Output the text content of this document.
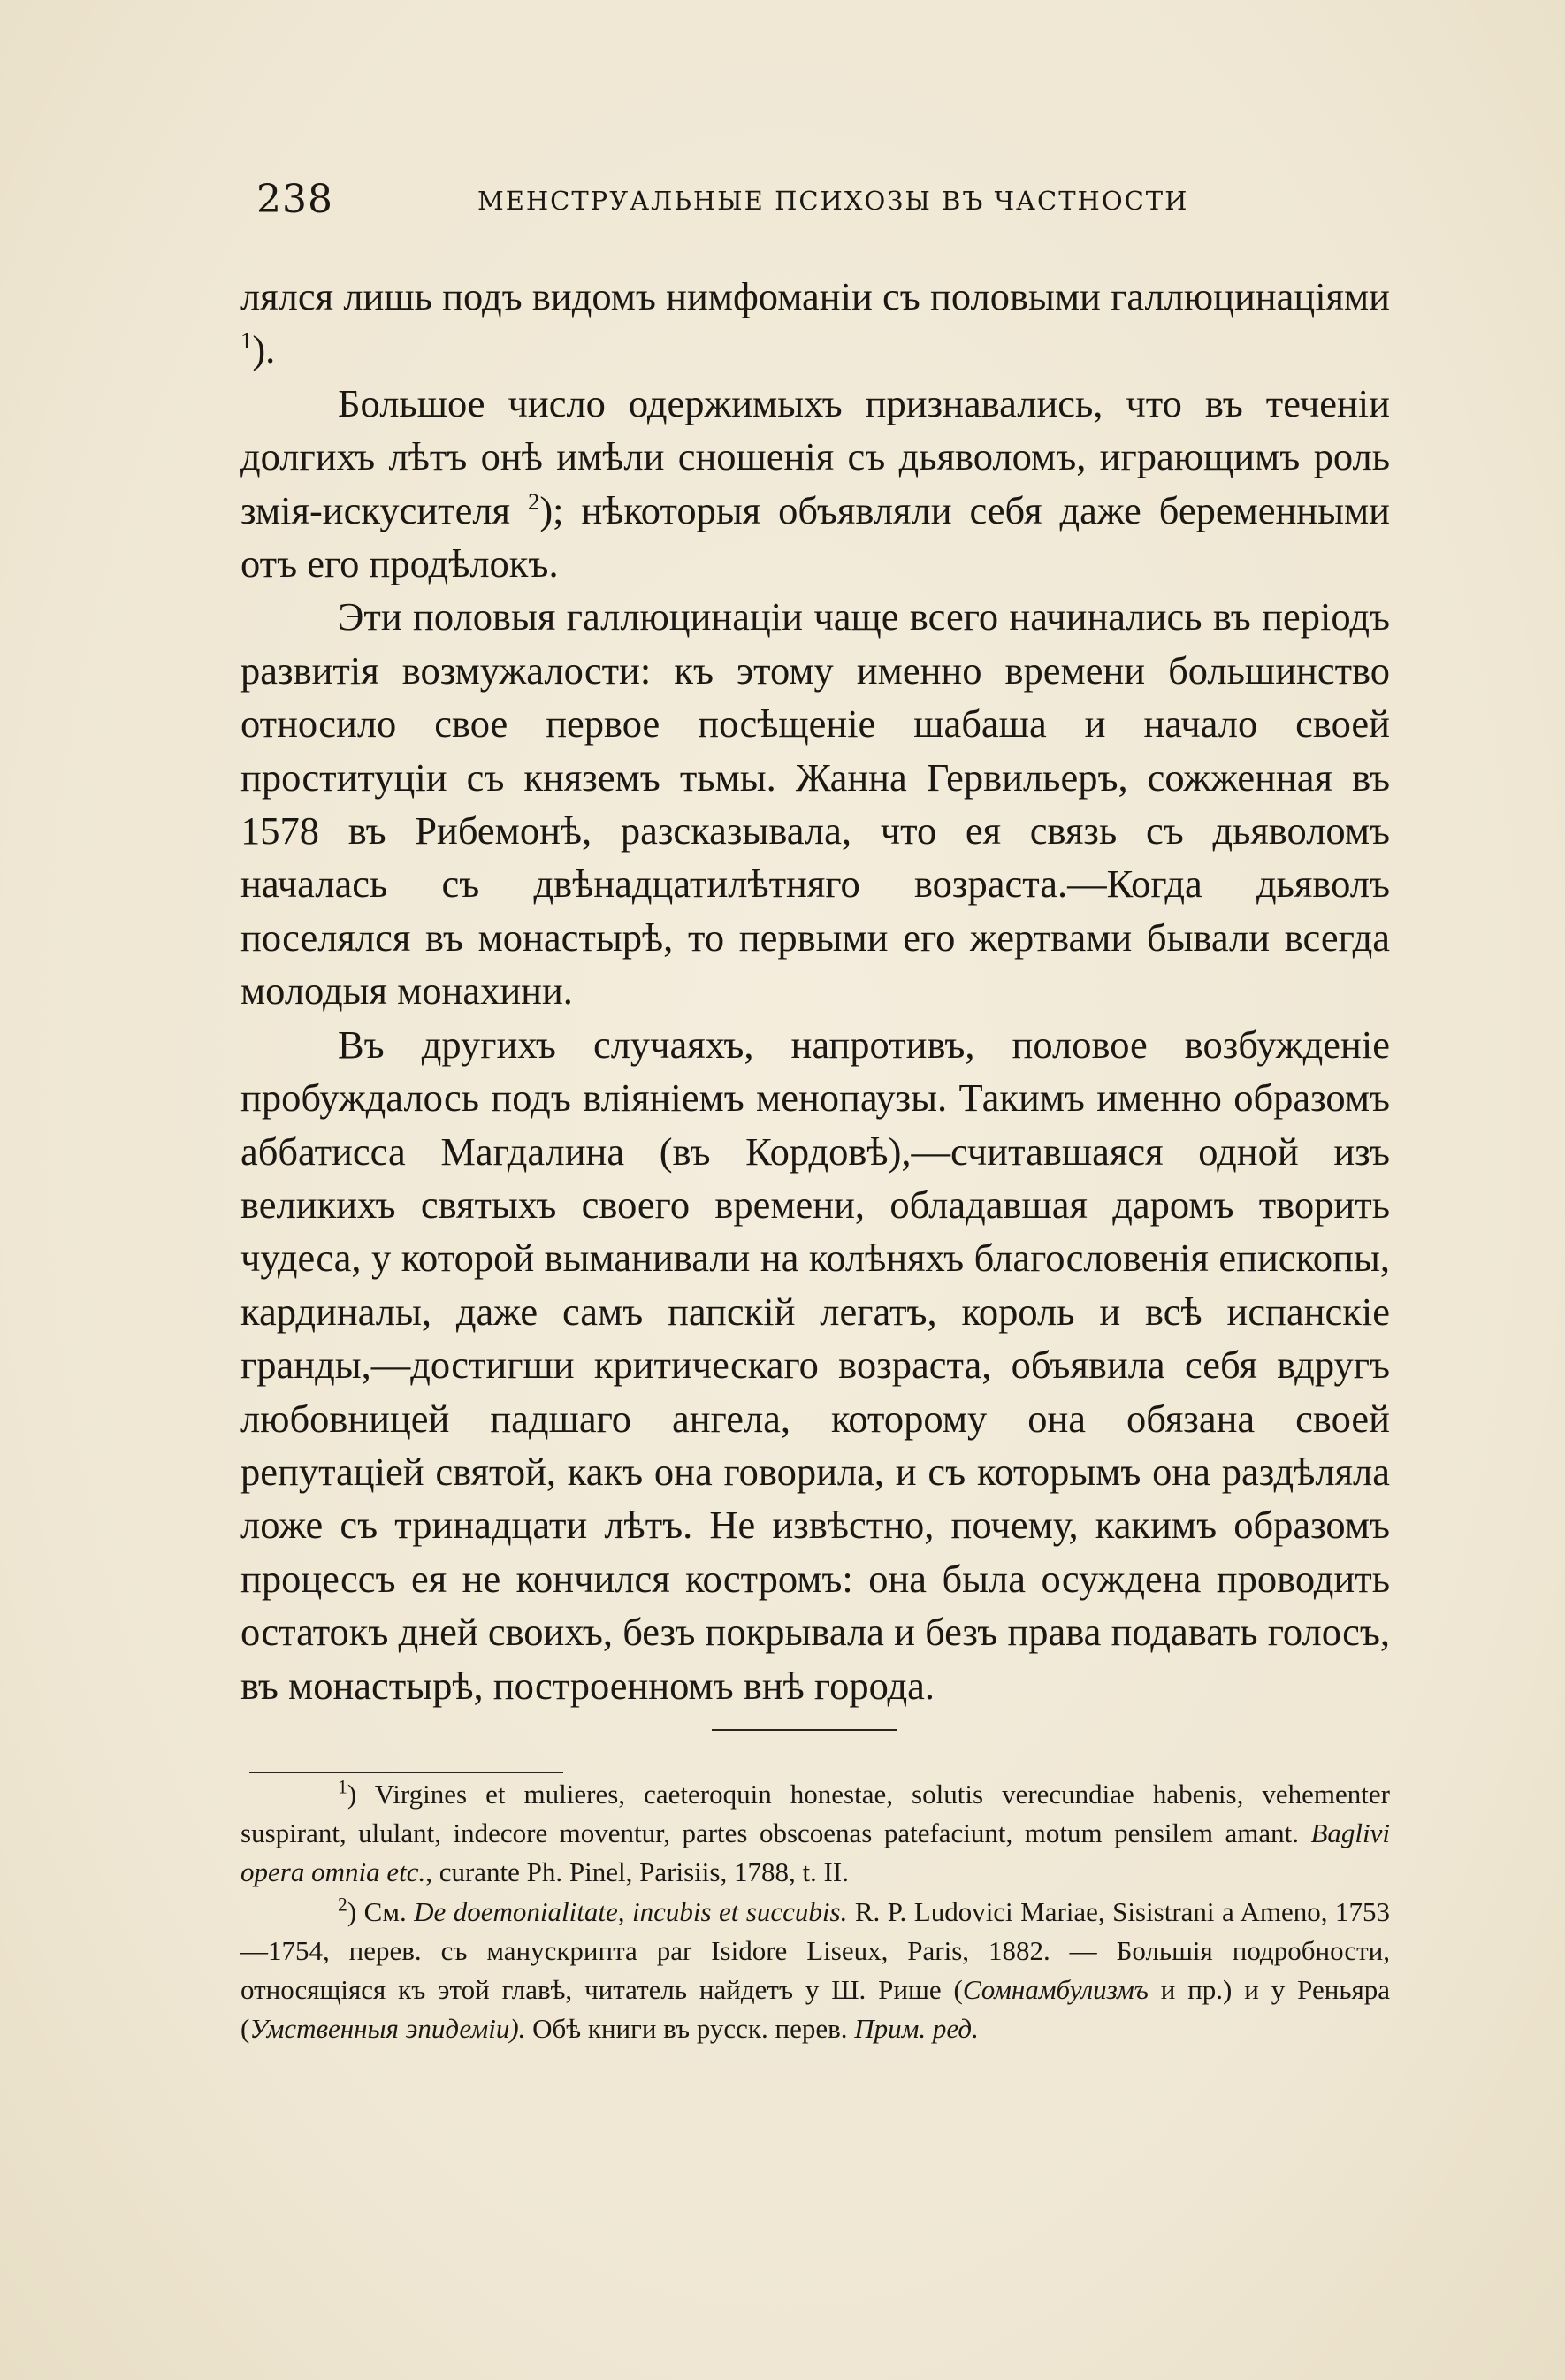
238	МЕНСТРУАЛЬНЫЕ ПСИХОЗЫ ВЪ ЧАСТНОСТИ

лялся лишь подъ видомъ нимфоманiи съ половыми галлюцинаціями $^1$).

Большое число одержимыхъ признавались, что въ теченiи долгихъ лѣтъ онѣ имѣли сношенiя съ дьяволомъ, играющимъ роль змiя-искусителя $^2$); нѣкоторыя объявляли себя даже беременными отъ его продѣлокъ.

Эти половыя галлюцинацiи чаще всего начинались въ перiодъ развитiя возмужалости: къ этому именно времени большинство относило свое первое посѣщенiе шабаша и начало своей проституцiи съ княземъ тьмы. Жанна Гервильеръ, сожженная въ 1578 въ Рибемонѣ, разсказывала, что ея связь съ дьяволомъ началась съ двѣнадцатилѣтняго возраста.—Когда дьяволъ поселялся въ монастырѣ, то первыми его жертвами бывали всегда молодыя монахини.

Въ другихъ случаяхъ, напротивъ, половое возбужденiе пробуждалось подъ влiянiемъ менопаузы. Такимъ именно образомъ аббатисса Магдалина (въ Кордовѣ),—считавшаяся одной изъ великихъ святыхъ своего времени, обладавшая даромъ творить чудеса, у которой выманивали на колѣняхъ благословенiя епископы, кардиналы, даже самъ папскiй легатъ, король и всѣ испанскiе гранды,—достигши критическаго возраста, объявила себя вдругъ любовницей падшаго ангела, которому она обязана своей репутацiей святой, какъ она говорила, и съ которымъ она раздѣляла ложе съ тринадцати лѣтъ. Не извѣстно, почему, какимъ образомъ процессъ ея не кончился костромъ: она была осуждена проводить остатокъ дней своихъ, безъ покрывала и безъ права подавать голосъ, въ монастырѣ, построенномъ внѣ города.

$^1$) Virgines et mulieres, caeteroquin honestae, solutis verecundiae habenis, vehementer suspirant, ululant, indecore moventur, partes obscoenas patefaciunt, motum pensilem amant. Baglivi opera omnia etc., curante Ph. Pinel, Parisiis, 1788, t. II.

$^2$) См. De doemonialitate, incubis et succubis. R. P. Ludovici Mariae, Sisistrani a Ameno, 1753—1754, перев. съ манускрипта par Isidore Liseux, Paris, 1882. — Большiя подробности, относящiяся къ этой главѣ, читатель найдетъ у Ш. Рише (Сомнамбулизмъ и пр.) и у Реньяра (Умственныя эпидемiи). Обѣ книги въ русск. перев. Прим. ред.
